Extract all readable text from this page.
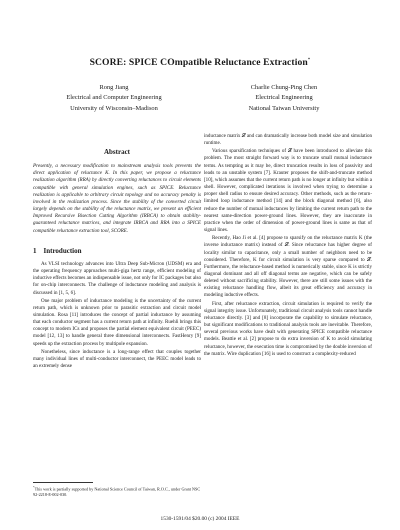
SCORE: SPICE COmpatible Reluctance Extraction*
Rong Jiang
Electrical and Computer Engineering
University of Wisconsin–Madison
Charlie Chung-Ping Chen
Electrical Engineering
National Taiwan University
Abstract

Presently, a necessary modification to mainstream analysis tools prevents the direct application of reluctance K. In this paper, we propose a reluctance realization algorithm (RRA) by directly converting reluctances to circuit elements compatible with general simulation engines, such as SPICE. Reluctance realization is applicable to arbitrary circuit topology and no accuracy penalty is involved in the realization process. Since the stability of the converted circuit largely depends on the stability of the reluctance matrix, we present an efficient Improved Recursive Bisection Cutting Algorithm (IRBCA) to obtain stability-guaranteed reluctance matrices, and integrate IRBCA and RRA into a SPICE compatible reluctance extraction tool, SCORE.

1 Introduction

As VLSI technology advances into Ultra Deep Sub-Micron (UDSM) era and the operating frequency approaches multi-giga hertz range, efficient modeling of inductive effects becomes an indispensable issue, not only for IC packages but also for on-chip interconnects. The challenge of inductance modeling and analysis is discussed in [1, 5, 6].

One major problem of inductance modeling is the uncertainty of the current return path, which is unknown prior to parasitic extraction and circuit model simulation. Rosa [11] introduces the concept of partial inductance by assuming that each conductor segment has a current return path at infinity. Ruehli brings this concept to modern ICs and proposes the partial element equivalent circuit (PEEC) model [12, 13] to handle general three dimensional interconnects. FastHenry [9] speeds up the extraction process by multipole expansion.

Nonetheless, since inductance is a long-range effect that couples together many individual lines of multi-conductor interconnect, the PEEC model leads to an extremely dense

inductance matrix 𝓛 and can dramatically increase both model size and simulation runtime.

Various sparsification techniques of 𝓛 have been introduced to alleviate this problem. The most straight forward way is to truncate small mutual inductance terms. As tempting as it may be, direct truncation results in loss of passivity and leads to an unstable system [7]. Krauter proposes the shift-and-truncate method [10], which assumes that the current return path is no longer at infinity but within a shell. However, complicated iterations is involved when trying to determine a proper shell radius to ensure desired accuracy. Other methods, such as the return-limited loop inductance method [14] and the block diagonal method [6], also reduce the number of mutual inductances by limiting the current return path to the nearest same-direction power-ground lines. However, they are inaccurate in practice when the order of dimension of power-ground lines is same as that of signal lines.

Recently, Hao Ji et al. [4] propose to sparsify on the reluctance matrix K (the inverse inductance matrix) instead of 𝓛. Since reluctance has higher degree of locality similar to capacitance, only a small number of neighbors need to be considered. Therefore, K for circuit simulation is very sparse compared to 𝓛. Furthermore, the reluctance-based method is numerically stable, since K is strictly diagonal dominant and all off diagonal terms are negative, which can be safely deleted without sacrificing stability. However, there are still some issues with the existing reluctance handling flow, albeit its great efficiency and accuracy in modeling inductive effects.

First, after reluctance extraction, circuit simulation is required to verify the signal integrity issue. Unfortunately, traditional circuit analysis tools cannot handle reluctance directly. [3] and [8] incorporate the capability to simulate reluctance, but significant modifications to traditional analysis tools are inevitable. Therefore, several previous works have dealt with generating SPICE compatible reluctance models. Beattie et al. [2] propose to do extra inversion of K to avoid simulating reluctance, however, the execution time is compromised by the double inversion of the matrix. Wire duplication [16] is used to construct a complexity-reduced

*This work is partially supported by National Science Council of Taiwan, R.O.C., under Grant NSC 92-2218-E-002-030.
1530-1591/04 $20.00 (c) 2004 IEEE
